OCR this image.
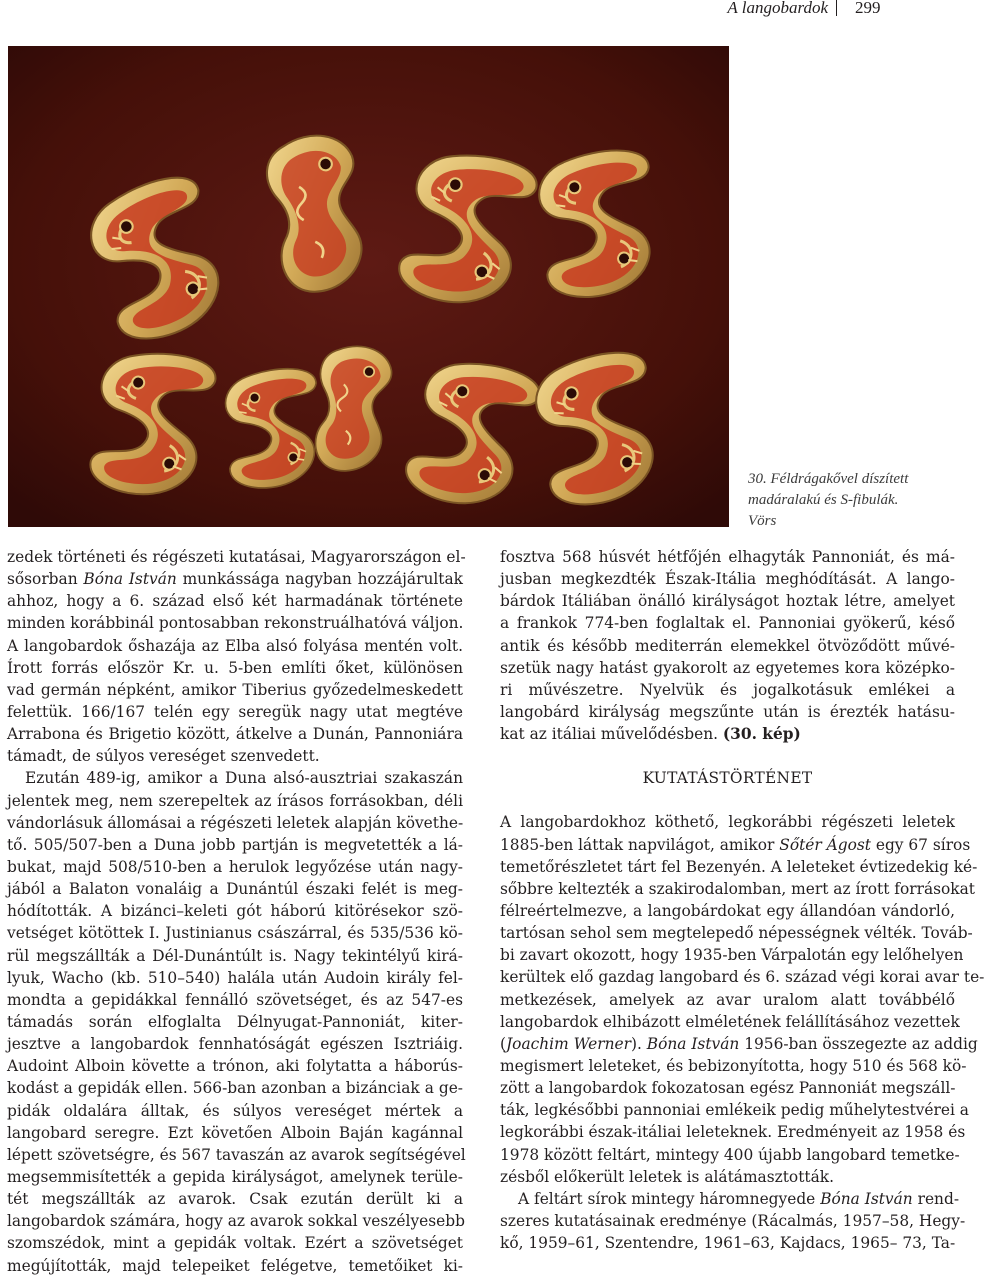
A langobardok 299
30. Féldrágakővel díszített
madáralakú és S-fibulák.
Vörs
zedek történeti és régészeti kutatásai, Magyarországon el-
sősorban Bóna István munkássága nagyban hozzájárultak
ahhoz, hogy a 6. század első két harmadának története
minden korábbinál pontosabban rekonstruálhatóvá váljon.
A langobardok őshazája az Elba alsó folyása mentén volt.
Írott forrás először Kr. u. 5-ben említi őket, különösen
vad germán népként, amikor Tiberius győzedelmeskedett
felettük. 166/167 telén egy seregük nagy utat megtéve
Arrabona és Brigetio között, átkelve a Dunán, Pannoniára
támadt, de súlyos vereséget szenvedett.
Ezután 489-ig, amikor a Duna alsó-ausztriai szakaszán
jelentek meg, nem szerepeltek az írásos forrásokban, déli
vándorlásuk állomásai a régészeti leletek alapján követhe-
tő. 505/507-ben a Duna jobb partján is megvetették a lá-
bukat, majd 508/510-ben a herulok legyőzése után nagy-
jából a Balaton vonaláig a Dunántúl északi felét is meg-
hódították. A bizánci–keleti gót háború kitörésekor szö-
vetséget kötöttek I. Justinianus császárral, és 535/536 kö-
rül megszállták a Dél-Dunántúlt is. Nagy tekintélyű kirá-
lyuk, Wacho (kb. 510–540) halála után Audoin király fel-
mondta a gepidákkal fennálló szövetséget, és az 547-es
támadás során elfoglalta Délnyugat-Pannoniát, kiter-
jesztve a langobardok fennhatóságát egészen Isztriáig.
Audoint Alboin követte a trónon, aki folytatta a háborús-
kodást a gepidák ellen. 566-ban azonban a bizánciak a ge-
pidák oldalára álltak, és súlyos vereséget mértek a
langobard seregre. Ezt követően Alboin Baján kagánnal
lépett szövetségre, és 567 tavaszán az avarok segítségével
megsemmisítették a gepida királyságot, amelynek terüle-
tét megszállták az avarok. Csak ezután derült ki a
langobardok számára, hogy az avarok sokkal veszélyesebb
szomszédok, mint a gepidák voltak. Ezért a szövetséget
megújították, majd telepeiket felégetve, temetőiket ki-
fosztva 568 húsvét hétfőjén elhagyták Pannoniát, és má-
jusban megkezdték Észak-Itália meghódítását. A lango-
bárdok Itáliában önálló királyságot hoztak létre, amelyet
a frankok 774-ben foglaltak el. Pannoniai gyökerű, késő
antik és később mediterrán elemekkel ötvöződött művé-
szetük nagy hatást gyakorolt az egyetemes kora középko-
ri művészetre. Nyelvük és jogalkotásuk emlékei a
langobárd királyság megszűnte után is érezték hatásu-
kat az itáliai művelődésben. (30. kép)
KUTATÁSTÖRTÉNET
A langobardokhoz köthető, legkorábbi régészeti leletek
1885-ben láttak napvilágot, amikor Sőtér Ágost egy 67 síros
temetőrészletet tárt fel Bezenyén. A leleteket évtizedekig ké-
sőbbre keltezték a szakirodalomban, mert az írott forrásokat
félreértelmezve, a langobárdokat egy állandóan vándorló,
tartósan sehol sem megtelepedő népességnek vélték. Továb-
bi zavart okozott, hogy 1935-ben Várpalotán egy lelőhelyen
kerültek elő gazdag langobard és 6. század végi korai avar te-
metkezések, amelyek az avar uralom alatt továbbélő
langobardok elhibázott elméletének felállításához vezettek
(Joachim Werner). Bóna István 1956-ban összegezte az addig
megismert leleteket, és bebizonyította, hogy 510 és 568 kö-
zött a langobardok fokozatosan egész Pannoniát megszáll-
ták, legkésőbbi pannoniai emlékeik pedig műhelytestvérei a
legkorábbi észak-itáliai leleteknek. Eredményeit az 1958 és
1978 között feltárt, mintegy 400 újabb langobard temetke-
zésből előkerült leletek is alátámasztották.
A feltárt sírok mintegy háromnegyede Bóna István rend-
szeres kutatásainak eredménye (Rácalmás, 1957–58, Hegy-
kő, 1959–61, Szentendre, 1961–63, Kajdacs, 1965– 73, Ta-
